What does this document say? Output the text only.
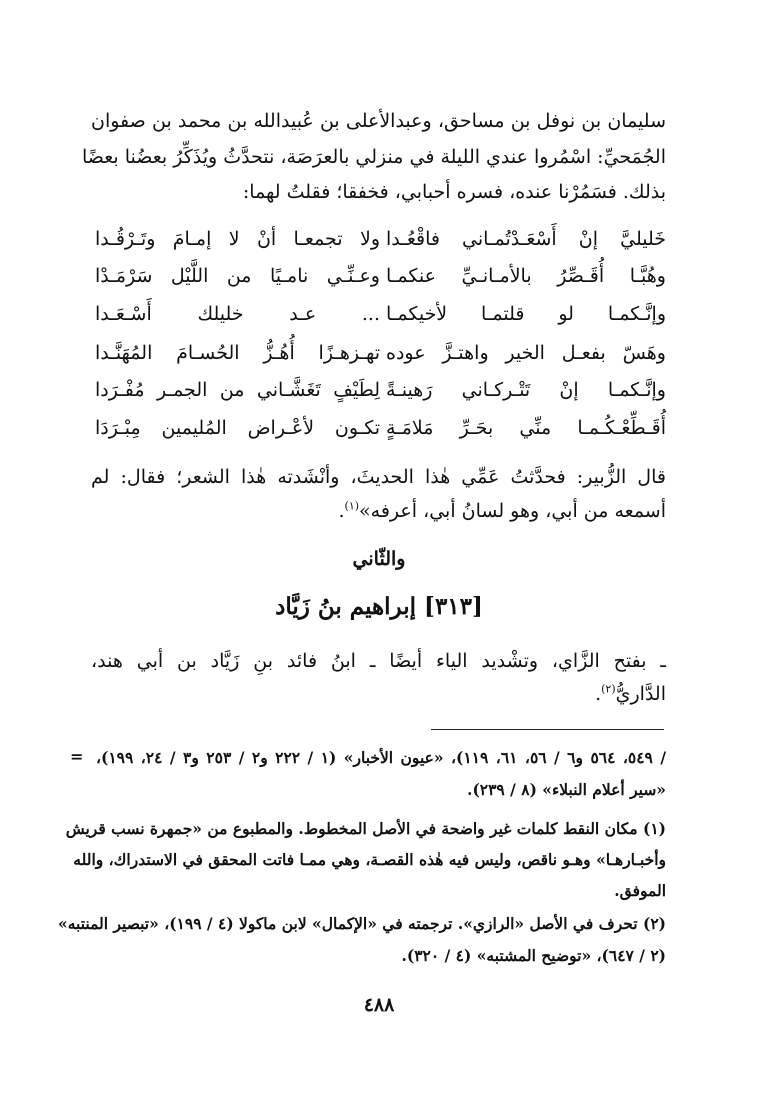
سليمان بن نوفل بن مساحق، وعبدالأعلى بن عُبيدالله بن محمد بن صفوان
الجُمَحيِّ: اسْمُروا عندي الليلة في منزلي بالعرَصَة، نتحدَّثُ ويُذَكِّرُ بعضُنا بعضًا
بذلك. فسَمُرْنا عنده، فسره أحبابي، فخفقا؛ فقلتُ لهما:
خَليليَّ إنْ أَسْعَـدْتُمـاني فاقْعُـدا
ولا تجمعـا أنْ لا إمـامَ وتَـرْقُـدا
وهُبَّـا أُقَـصِّرُ بالأمـانـيِّ عنكمـا
وعـنِّـي نامـيًا من اللَّيْل سَرْمَـدْا
وإنَّـكمـا لو قلتمـا لأخيكمـا
... عـد خليلك أَسْـعَـدا
وهَسّ بفعـل الخير واهتـزَّ عوده
تهـزهـزًا أُهُـزُّ الحُسـامَ المُهَنَّـدا
وإنَّـكمـا إنْ تَتْـركـاني رَهينـةً
لِطَيْفٍ تَغَشَّـاني من الجمـر مُفْـرَدا
أُقَـطِّعْـكُـمـا منِّي بحَـرِّ مَلامَـةٍ
تكـون لأعْـراض المُليمين مِبْـرَدَا
قال الزُّبير: فحدَّثتُ عَمِّي هٰذا الحديثَ، وأنْشَدته هٰذا الشعر؛ فقال: لم
أسمعه من أبي، وهو لسانُ أبي، أعرفه»$^{(١)}$.
والثّاني
[٣١٣] إبراهيم بنُ زَيَّاد
ـ بفتح الزَّاي، وتشْديد الياء أيضًا ـ ابنُ فائد بنِ زَيَّاد بن أبي هند،
الدَّاريُّ$^{(٢)}$.
= / ٥٤٩، ٥٦٤ و٦ / ٥٦، ٦١، ١١٩)، «عيون الأخبار» (١ / ٢٢٢ و٢ / ٢٥٣ و٣ / ٢٤، ١٩٩)،
«سير أعلام النبلاء» (٨ / ٢٣٩).
(١) مكان النقط كلمات غير واضحة في الأصل المخطوط. والمطبوع من «جمهرة نسب قريش
وأخبـارهـا» وهـو ناقص، وليس فيه هٰذه القصـة، وهي ممـا فاتت المحقق في الاستدراك، والله
الموفق.
(٢) تحرف في الأصل «الرازي». ترجمته في «الإكمال» لابن ماكولا (٤ / ١٩٩)، «تبصير المنتبه»
(٢ / ٦٤٧)، «توضيح المشتبه» (٤ / ٣٢٠).
٤٨٨
